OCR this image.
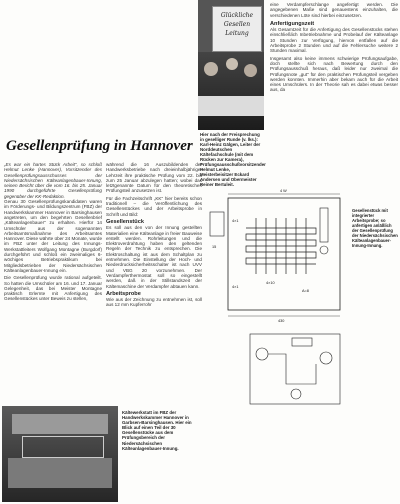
Glückliche Gesellen Leitung
Hier nach der Freisprechung in geselliger Runde (v. lks.): Karl-Heinz Gälgen, Leiter der Norddeutschen Kältefachschule (mit dem Rücken zur Kamera), Prüfungsausschußvorsitzender Helmut Lenke, Meisterbeisitzer Eckard Andersen und Obermeister Reiner Bertuleit.
eine Verdampferschlange angefertigt werden. Die angegebenen Maße sind genauestens einzuhalten, die verschiedenen Löte sind hierbei einzusetzen.
Anfertigungszeit
Als Gesamtzeit für die Anfertigung des Gesellenstücks stehen einschließlich Inbetriebnahme und Probelauf der Kälteanlage 10 Stunden zur Verfügung, hiervon entfallen auf die Arbeitsprobe 2 Stunden und auf die Fehlersuche weitere 2 Stunden maximal.
Insgesamt also keine immens schwierige Prüfungsaufgabe, doch stellte sich nach Bewertung durch den Prüfungsausschuß heraus, daß leider nur zweimal die Prüfungsnote „gut" für den praktischen Prüfungsteil vergeben werden konnten. Immerhin aber bekam auch für die Arbeit eines Umschülers. In der Theorie sah es dabei etwas besser aus, da
Gesellenprüfung in Hannover
„Es war ein hartes Stück Arbeit", so schloß Helmut Lenke (Hannover), Vorsitzender des Gesellenprüfungsausschusses der Niedersächsischen Kälteanlagenbauer-Innung, seinen Bericht über die vom 16. bis 25. Januar 1990 durchgeführte Gesellenprüfung gegenüber der KK-Redaktion.
Genau 30 Gesellenprüfungskandidaten waren im Förderungs- und Bildungszentrum (FBZ) der Handwerkskammer Hannover in Barsinghausen angetreten, um den begehrten Gesellenbrief „Kälteanlagenbauer" zu erhalten. Hierfür 14 Umschüler aus der sogenannten Arbeitsamtsmaßnahme des Arbeitsamtes Hannover. Diese währte über 24 Monate, wurde im FBZ unter der Leitung des Innungs-Werkstattleiters Wolfgang Montagne (Burgdorf) durchgeführt und schloß ein zweimaliges 6-wöchiges Betriebspraktikum bei Mitgliedsbetrieben der Niedersächsischen Kälteanlagenbauer-Innung ein.
Die Gesellenprüfung wurde rational aufgeteilt. So hatten die Umschüler am 16. und 17. Januar Gelegenheit, das bei Meister Montagne praktisch Erlernte mit Anfertigung des Gesellenstückes unter Beweis zu stellen,
während die 16 Auszubildenden der Handwerksbetriebe nach dreieinhalbjähriger Lehrzeit ihre praktische Prüfung vom 22. bis zum 25 Januar abzulegen hatten; wobei das letztgenannte Datum für den theoretischen Prüfungsteil anzusetzen ist.
Für die Fachzeitschrift „KK" hier bereits schon traditionell – die Veröffentlichung des Gesellenstückes und der Arbeitsprobe in Schrift und Bild:
Gesellenstück
Es soll aus den von der Innung gestellten Materialien eine Kälteanlage in freier Bauweise erstellt werden. Rohrleitungen und die Elektroverdrahtung haben den geltenden Regeln der Technik zu entsprechen. Die Elektroschaltung ist aus dem Schaltplan zu entnehmen. Die Einstellung der Hoch- und Niederdrucksicherheitsschalter ist nach UVV und VBG 20 vorzunehmen. Der Verdampferthermostat soll so eingestellt werden, daß in der Stillstandszeit der Kältemaschine der Verdampfer abtauen kann.
Arbeitsprobe
Wie aus der Zeichnung zu entnehmen ist, soll aus 12 mm Kupferrohr
4 W
15
4×1
4×1
4×10
A=8
430
Gesellenstück mit integrierter Arbeitsprobe; so anfertigen anläßlich der Gesellenprüfung der Niedersächsischen Kälteanlagenbauer-Innung-Innung.
Kältewerkstatt im FBZ der Handwerkskammer Hannover in Garbsen-Barsinghausen. Hier ein Blick auf einen Teil der 30 Gesellenstücke aus dem Prüfungsbereich der Niedersächsischen Kälteanlagenbauer-Innung.
